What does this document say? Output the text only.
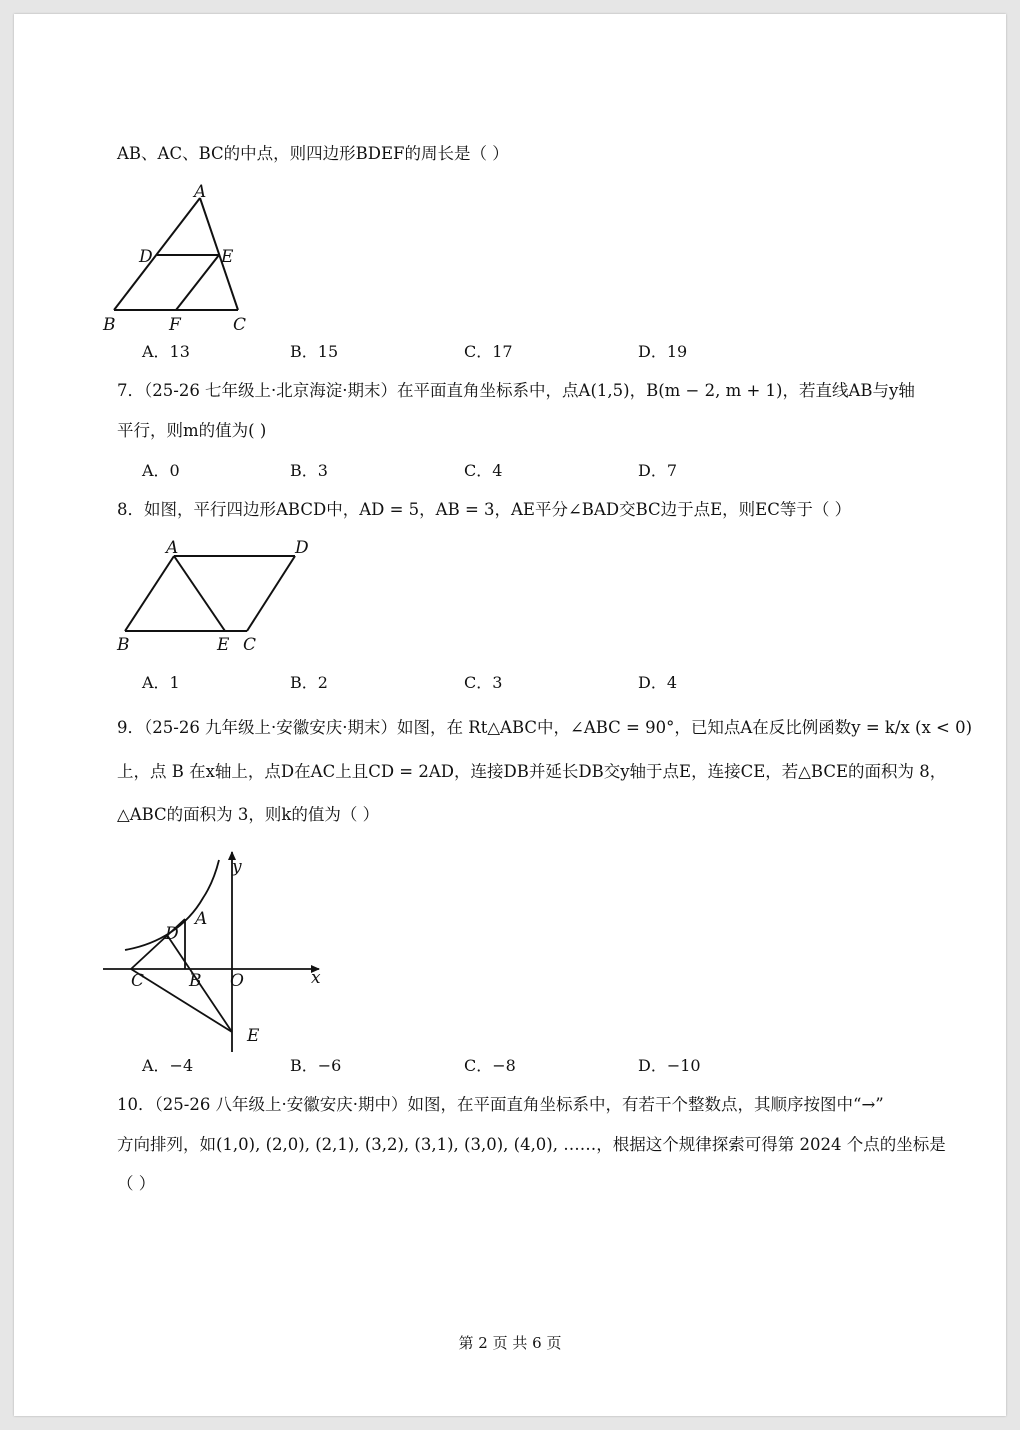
AB、AC、BC的中点，则四边形BDEF的周长是（ ）
A
D	E
B	F	C
A．13	B．15	C．17	D．19
7．（25-26 七年级上·北京海淀·期末）在平面直角坐标系中，点A(1,5)，B(m − 2, m + 1)，若直线AB与y轴
平行，则m的值为( )
A．0	B．3	C．4	D．7
8．如图，平行四边形ABCD中，AD = 5，AB = 3，AE平分∠BAD交BC边于点E，则EC等于（ ）
A	D
B	E C
A．1	B．2	C．3	D．4
9．（25-26 九年级上·安徽安庆·期末）如图，在 Rt△ABC中，∠ABC = 90°，已知点A在反比例函数y = k/x (x < 0)
上，点 B 在x轴上，点D在AC上且CD = 2AD，连接DB并延长DB交y轴于点E，连接CE，若△BCE的面积为 8，
△ABC的面积为 3，则k的值为（ ）
A
D
C	B O	x
y
E
A．−4	B．−6	C．−8	D．−10
10．（25-26 八年级上·安徽安庆·期中）如图，在平面直角坐标系中，有若干个整数点，其顺序按图中“→”
方向排列，如(1,0), (2,0), (2,1), (3,2), (3,1), (3,0), (4,0), ……，根据这个规律探索可得第 2024 个点的坐标是
（ ）
第 2 页 共 6 页
